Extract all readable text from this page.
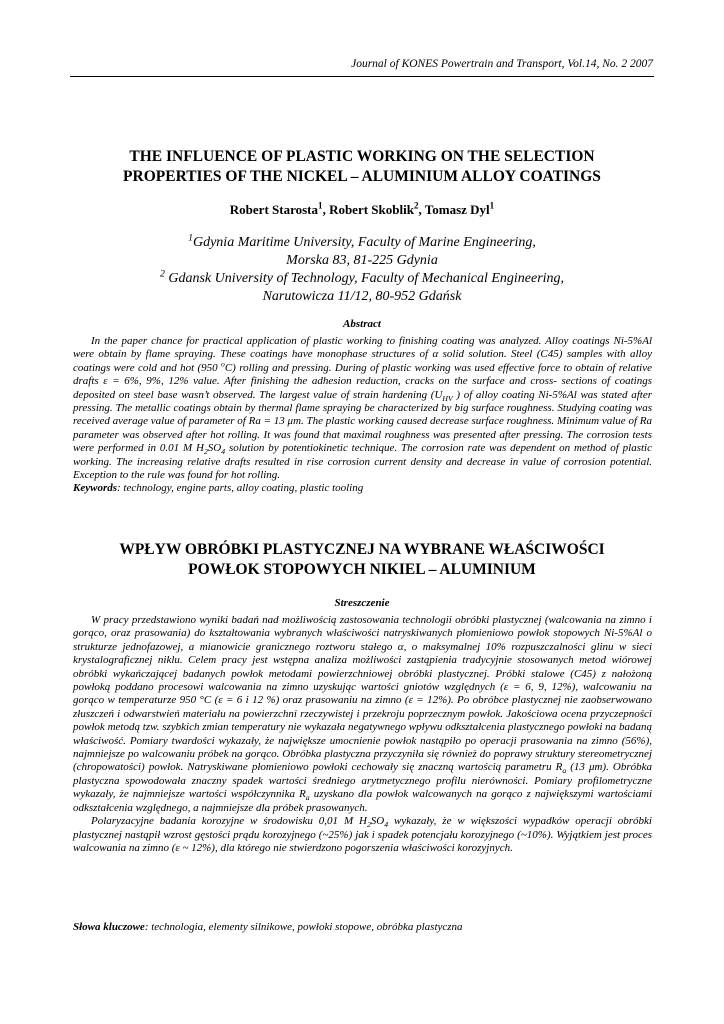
Journal of KONES Powertrain and Transport, Vol.14, No. 2 2007
THE INFLUENCE OF PLASTIC WORKING ON THE SELECTION
PROPERTIES OF THE NICKEL – ALUMINIUM ALLOY COATINGS
Robert Starosta$^1$, Robert Skoblik$^2$, Tomasz Dyl$^1$

$^1$Gdynia Maritime University, Faculty of Marine Engineering,

Morska 83, 81-225 Gdynia

$^2$ Gdansk University of Technology, Faculty of Mechanical Engineering,

Narutowicza 11/12, 80-952 Gdańsk

Abstract

In the paper chance for practical application of plastic working to finishing coating was analyzed. Alloy coatings Ni-5%Al were obtain by flame spraying. These coatings have monophase structures of α solid solution. Steel (C45) samples with alloy coatings were cold and hot (950 $^o$C) rolling and pressing. During of plastic working was used effective force to obtain of relative drafts ε = 6%, 9%, 12% value. After finishing the adhesion reduction, cracks on the surface and cross- sections of coatings deposited on steel base wasn’t observed. The largest value of strain hardening ($U_{HV}$ ) of alloy coating Ni-5%Al was stated after pressing. The metallic coatings obtain by thermal flame spraying be characterized by big surface roughness. Studying coating was received average value of parameter of Ra = 13 μm. The plastic working caused decrease surface roughness. Minimum value of Ra parameter was observed after hot rolling. It was found that maximal roughness was presented after pressing. The corrosion tests were performed in 0.01 M $H_2SO_4$ solution by potentiokinetic technique. The corrosion rate was dependent on method of plastic working. The increasing relative drafts resulted in rise corrosion current density and decrease in value of corrosion potential. Exception to the rule was found for hot rolling.

Keywords: technology, engine parts, alloy coating, plastic tooling

WPŁYW OBRÓBKI PLASTYCZNEJ NA WYBRANE WŁAŚCIWOŚCI
POWŁOK STOPOWYCH NIKIEL – ALUMINIUM
Streszczenie

W pracy przedstawiono wyniki badań nad możliwością zastosowania technologii obróbki plastycznej (walcowania na zimno i gorąco, oraz prasowania) do kształtowania wybranych właściwości natryskiwanych płomieniowo powłok stopowych Ni-5%Al o strukturze jednofazowej, a mianowicie granicznego roztworu stałego α, o maksymalnej 10% rozpuszczalności glinu w sieci krystalograficznej niklu. Celem pracy jest wstępna analiza możliwości zastąpienia tradycyjnie stosowanych metod wiórowej obróbki wykańczającej badanych powłok metodami powierzchniowej obróbki plastycznej. Próbki stalowe (C45) z nałożoną powłoką poddano procesowi walcowania na zimno uzyskując wartości gniotów względnych (ε = 6, 9, 12%), walcowaniu na gorąco w temperaturze 950 °C (ε = 6 i 12 %) oraz prasowaniu na zimno (ε = 12%). Po obróbce plastycznej nie zaobserwowano złuszczeń i odwarstwień materiału na powierzchni rzeczywistej i przekroju poprzecznym powłok. Jakościowa ocena przyczepności powłok metodą tzw. szybkich zmian temperatury nie wykazała negatywnego wpływu odkształcenia plastycznego powłoki na badaną właściwość. Pomiary twardości wykazały, że największe umocnienie powłok nastąpiło po operacji prasowania na zimno (56%), najmniejsze po walcowaniu próbek na gorąco. Obróbka plastyczna przyczyniła się również do poprawy struktury stereometrycznej (chropowatości) powłok. Natryskiwane płomieniowo powłoki cechowały się znaczną wartością parametru $R_a$ (13 μm). Obróbka plastyczna spowodowała znaczny spadek wartości średniego arytmetycznego profilu nierówności. Pomiary profilometryczne wykazały, że najmniejsze wartości współczynnika $R_a$ uzyskano dla powłok walcowanych na gorąco z największymi wartościami odkształcenia względnego, a najmniejsze dla próbek prasowanych.

Polaryzacyjne badania korozyjne w środowisku 0,01 M $H_2SO_4$ wykazały, że w większości wypadków operacji obróbki plastycznej nastąpił wzrost gęstości prądu korozyjnego (~25%) jak i spadek potencjału korozyjnego (~10%). Wyjątkiem jest proces walcowania na zimno (ε ~ 12%), dla którego nie stwierdzono pogorszenia właściwości korozyjnych.

Słowa kluczowe: technologia, elementy silnikowe, powłoki stopowe, obróbka plastyczna
